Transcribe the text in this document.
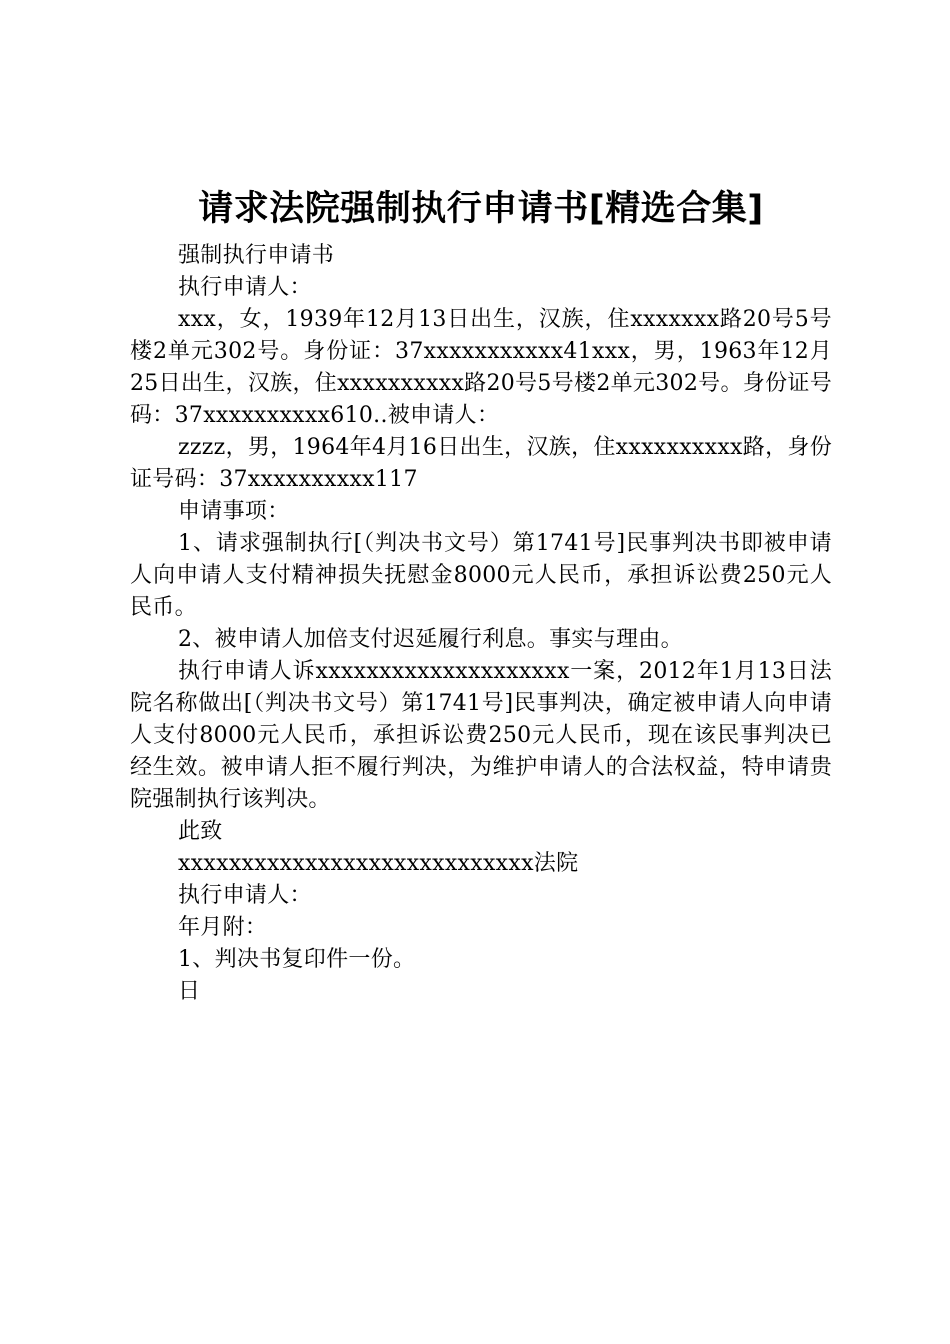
请求法院强制执行申请书[精选合集]

强制执行申请书

执行申请人：

xxx，女，1939年12月13日出生，汉族，住xxxxxxx路20号5号楼2单元302号。身份证：37xxxxxxxxxxx41xxx，男，1963年12月25日出生，汉族，住xxxxxxxxxx路20号5号楼2单元302号。身份证号码：37xxxxxxxxxx610..被申请人：

zzzz，男，1964年4月16日出生，汉族，住xxxxxxxxxx路，身份证号码：37xxxxxxxxxx117

申请事项：

1、请求强制执行[（判决书文号）第1741号]民事判决书即被申请人向申请人支付精神损失抚慰金8000元人民币，承担诉讼费250元人民币。

2、被申请人加倍支付迟延履行利息。事实与理由。

执行申请人诉xxxxxxxxxxxxxxxxxxxx一案，2012年1月13日法院名称做出[（判决书文号）第1741号]民事判决，确定被申请人向申请人支付8000元人民币，承担诉讼费250元人民币，现在该民事判决已经生效。被申请人拒不履行判决，为维护申请人的合法权益，特申请贵院强制执行该判决。

此致

xxxxxxxxxxxxxxxxxxxxxxxxxxxx法院

执行申请人：

年月附：

1、判决书复印件一份。

日
